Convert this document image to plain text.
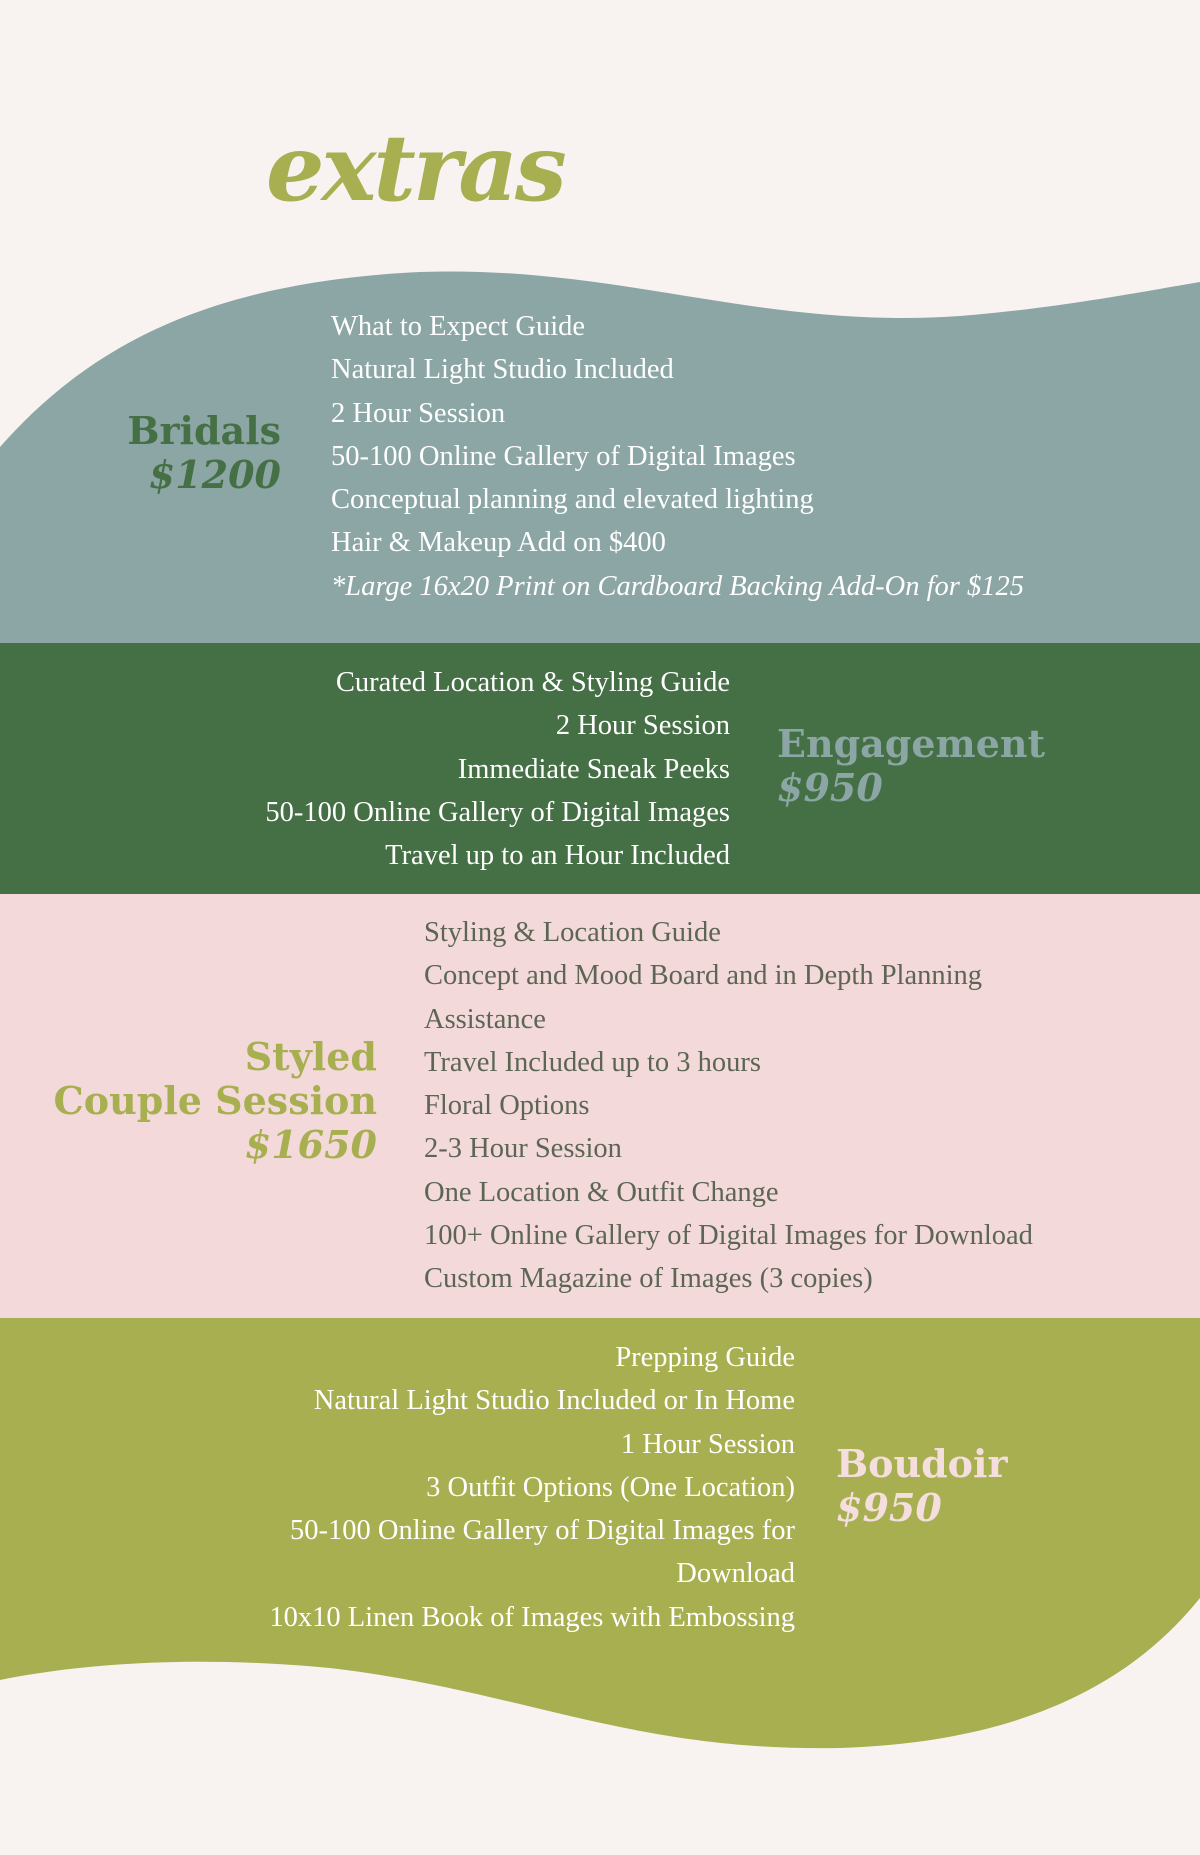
extras
Bridals
$1200
What to Expect Guide
Natural Light Studio Included
2 Hour Session
50-100 Online Gallery of Digital Images
Conceptual planning and elevated lighting
Hair & Makeup Add on $400
*Large 16x20 Print on Cardboard Backing Add-On for $125
Curated Location & Styling Guide
2 Hour Session
Immediate Sneak Peeks
50-100 Online Gallery of Digital Images
Travel up to an Hour Included
Engagement
$950
Styled
Couple Session
$1650
Styling & Location Guide
Concept and Mood Board and in Depth Planning
Assistance
Travel Included up to 3 hours
Floral Options
2-3 Hour Session
One Location & Outfit Change
100+ Online Gallery of Digital Images for Download
Custom Magazine of Images (3 copies)
Prepping Guide
Natural Light Studio Included or In Home
1 Hour Session
3 Outfit Options (One Location)
50-100 Online Gallery of Digital Images for
Download
10x10 Linen Book of Images with Embossing
Boudoir
$950
